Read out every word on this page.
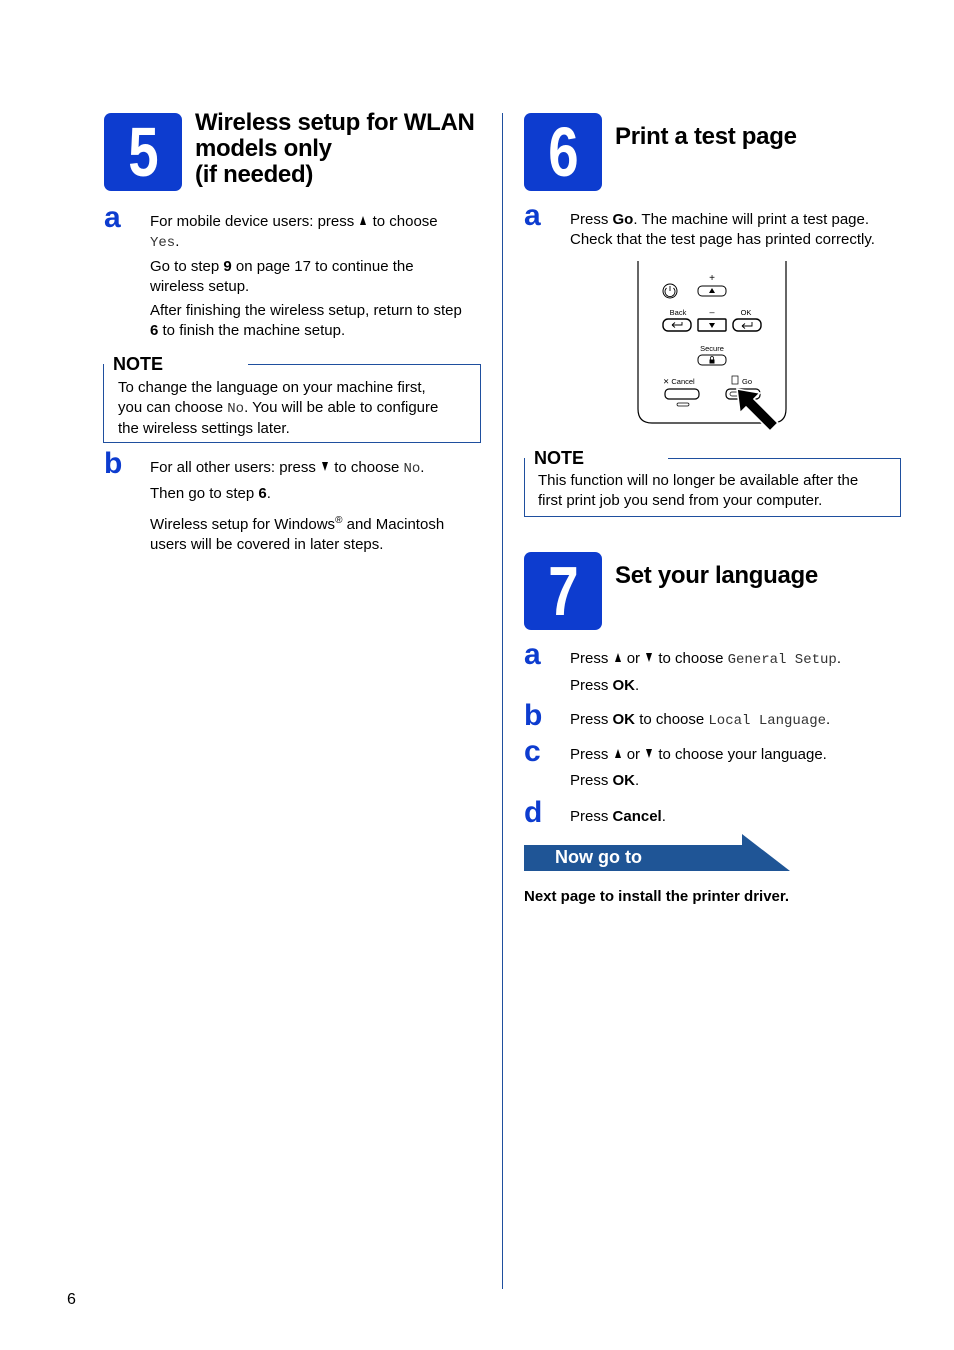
5	Wireless setup for WLAN
models only
(if needed)
a For mobile device users: press to choose
Yes.
Go to step 9 on page 17 to continue the
wireless setup.
After finishing the wireless setup, return to step
6 to finish the machine setup.
NOTE
To change the language on your machine first,
you can choose No. You will be able to configure
the wireless settings later.
b For all other users: press to choose No.
Then go to step 6.
Wireless setup for Windows® and Macintosh
users will be covered in later steps.
6	Print a test page
a Press Go. The machine will print a test page.
Check that the test page has printed correctly.
+
Back	–	OK
Secure
✕ Cancel	Go
NOTE
This function will no longer be available after the
first print job you send from your computer.
7	Set your language
a Press or to choose General Setup.
Press OK.
b Press OK to choose Local Language.
c Press or to choose your language.
Press OK.
d Press Cancel.
Now go to
Next page to install the printer driver.
6
